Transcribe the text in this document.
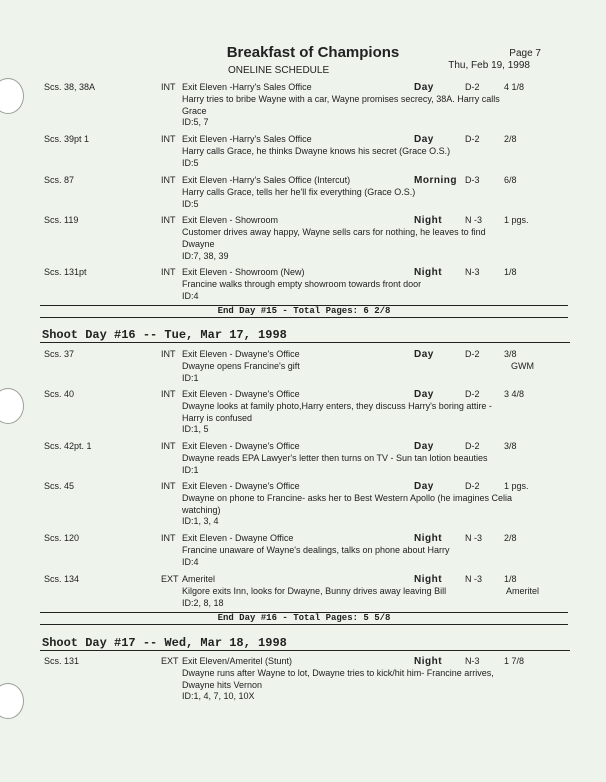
Breakfast of Champions
ONELINE SCHEDULE
Page 7
Thu, Feb 19, 1998
Scs. 38, 38A	INT Exit Eleven -Harry's Sales Office	Day	D-2	4 1/8
Harry tries to bribe Wayne with a car, Wayne promises secrecy, 38A. Harry calls Grace
ID:5, 7
Scs. 39pt 1	INT Exit Eleven -Harry's Sales Office	Day	D-2	2/8
Harry calls Grace, he thinks Dwayne knows his secret (Grace O.S.)
ID:5
Scs. 87	INT Exit Eleven -Harry's Sales Office (Intercut)	Morning D-3	6/8
Harry calls Grace, tells her he'll fix everything (Grace O.S.)
ID:5
Scs. 119	INT Exit Eleven - Showroom	Night	N -3 1 pgs.
Customer drives away happy, Wayne sells cars for nothing, he leaves to find Dwayne
ID:7, 38, 39
Scs. 131pt	INT Exit Eleven - Showroom (New)	Night	N-3	1/8
Francine walks through empty showroom towards front door
ID:4
End Day #15 - Total Pages: 6 2/8
Shoot Day #16 -- Tue, Mar 17, 1998
Scs. 37	INT Exit Eleven - Dwayne's Office	Day	D-2	3/8
GWM
Dwayne opens Francine's gift
ID:1
Scs. 40	INT Exit Eleven - Dwayne's Office	Day	D-2	3 4/8
Dwayne looks at family photo,Harry enters, they discuss Harry's boring attire - Harry is confused
ID:1, 5
Scs. 42pt. 1	INT Exit Eleven - Dwayne's Office	Day	D-2	3/8
Dwayne reads EPA Lawyer's letter then turns on TV - Sun tan lotion beauties
ID:1
Scs. 45	INT Exit Eleven - Dwayne's Office	Day	D-2	1 pgs.
Dwayne on phone to Francine- asks her to Best Western Apollo (he imagines Celia watching)
ID:1, 3, 4
Scs. 120	INT Exit Eleven - Dwayne Office	Night	N -3 2/8
Francine unaware of Wayne's dealings, talks on phone about Harry
ID:4
Scs. 134	EXT Ameritel	Night	N -3 1/8
Ameritel
Kilgore exits Inn, looks for Dwayne, Bunny drives away leaving Bill
ID:2, 8, 18
End Day #16 - Total Pages: 5 5/8
Shoot Day #17 -- Wed, Mar 18, 1998
Scs. 131	EXT Exit Eleven/Ameritel (Stunt)	Night	N-3	1 7/8
Dwayne runs after Wayne to lot, Dwayne tries to kick/hit him- Francine arrives, Dwayne hits Vernon
ID:1, 4, 7, 10, 10X
